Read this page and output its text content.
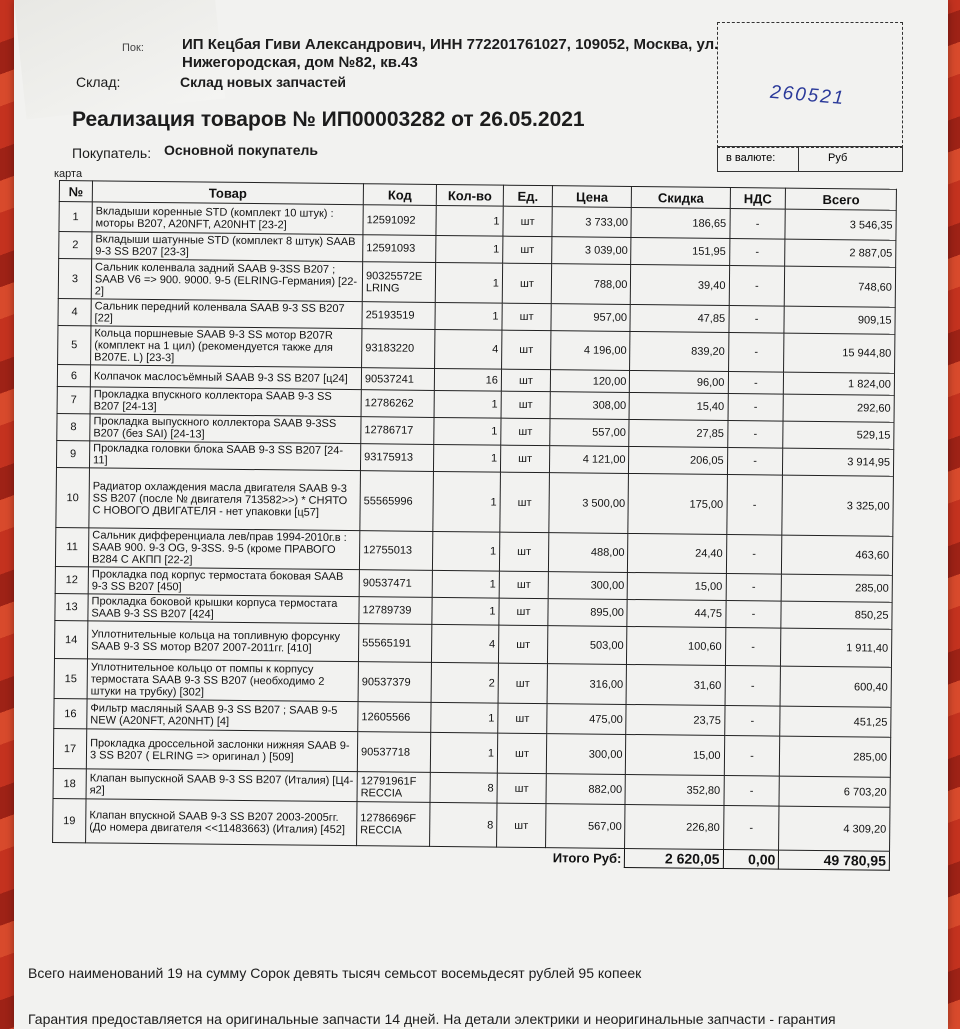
Пок:	ИП Кецбая Гиви Александрович, ИНН 772201761027, 109052, Москва, ул.
Нижегородская, дом №82, кв.43
Склад:	Склад новых запчастей
Реализация товаров № ИП00003282 от 26.05.2021
Покупатель: Основной покупатель
карта
260521
в валюте:	Руб
№	Товар	Код	Кол-во	Ед.	Цена	Скидка	НДС	Всего
1	Вкладыши коренные STD (комплект 10 штук) : моторы B207, A20NFT, A20NHT [23-2]	12591092	1	шт	3 733,00	186,65	-	3 546,35
2	Вкладыши шатунные STD (комплект 8 штук) SAAB 9-3 SS B207 [23-3]	12591093	1	шт	3 039,00	151,95	-	2 887,05
3	Сальник коленвала задний SAAB 9-3SS B207 ; SAAB V6 => 900. 9000. 9-5 (ELRING-Германия) [22-2]	90325572E LRING	1	шт	788,00	39,40	-	748,60
4	Сальник передний коленвала SAAB 9-3 SS B207 [22]	25193519	1	шт	957,00	47,85	-	909,15
5	Кольца поршневые SAAB 9-3 SS мотор B207R (комплект на 1 цил) (рекомендуется также для B207E. L) [23-3]	93183220	4	шт	4 196,00	839,20	-	15 944,80
6	Колпачок маслосъёмный SAAB 9-3 SS B207 [ц24]	90537241	16	шт	120,00	96,00	-	1 824,00
7	Прокладка впускного коллектора SAAB 9-3 SS B207 [24-13]	12786262	1	шт	308,00	15,40	-	292,60
8	Прокладка выпускного коллектора SAAB 9-3SS B207 (без SAI) [24-13]	12786717	1	шт	557,00	27,85	-	529,15
9	Прокладка головки блока SAAB 9-3 SS B207 [24-11]	93175913	1	шт	4 121,00	206,05	-	3 914,95
10	Радиатор охлаждения масла двигателя SAAB 9-3 SS B207 (после № двигателя 713582>>) * СНЯТО С НОВОГО ДВИГАТЕЛЯ - нет упаковки [ц57]	55565996	1	шт	3 500,00	175,00	-	3 325,00
11	Сальник дифференциала лев/прав 1994-2010г.в : SAAB 900. 9-3 OG, 9-3SS. 9-5 (кроме ПРАВОГО B284 С АКПП [22-2]	12755013	1	шт	488,00	24,40	-	463,60
12	Прокладка под корпус термостата боковая SAAB 9-3 SS B207 [450]	90537471	1	шт	300,00	15,00	-	285,00
13	Прокладка боковой крышки корпуса термостата SAAB 9-3 SS B207 [424]	12789739	1	шт	895,00	44,75	-	850,25
14	Уплотнительные кольца на топливную форсунку SAAB 9-3 SS мотор B207 2007-2011гг. [410]	55565191	4	шт	503,00	100,60	-	1 911,40
15	Уплотнительное кольцо от помпы к корпусу термостата SAAB 9-3 SS B207 (необходимо 2 штуки на трубку) [302]	90537379	2	шт	316,00	31,60	-	600,40
16	Фильтр масляный SAAB 9-3 SS B207 ; SAAB 9-5 NEW (A20NFT, A20NHT) [4]	12605566	1	шт	475,00	23,75	-	451,25
17	Прокладка дроссельной заслонки нижняя SAAB 9-3 SS B207 ( ELRING => оригинал ) [509]	90537718	1	шт	300,00	15,00	-	285,00
18	Клапан выпускной SAAB 9-3 SS B207 (Италия) [Ц4-я2]	12791961F RECCIA	8	шт	882,00	352,80	-	6 703,20
19	Клапан впускной SAAB 9-3 SS B207 2003-2005гг. (До номера двигателя <<11483663) (Италия) [452]	12786696F RECCIA	8	шт	567,00	226,80	-	4 309,20
Итого Руб:						2 620,05	0,00	49 780,95
Всего наименований 19 на сумму Сорок девять тысяч семьсот восемьдесят рублей 95 копеек
Гарантия предоставляется на оригинальные запчасти 14 дней. На детали электрики и неоригинальные запчасти - гарантия
